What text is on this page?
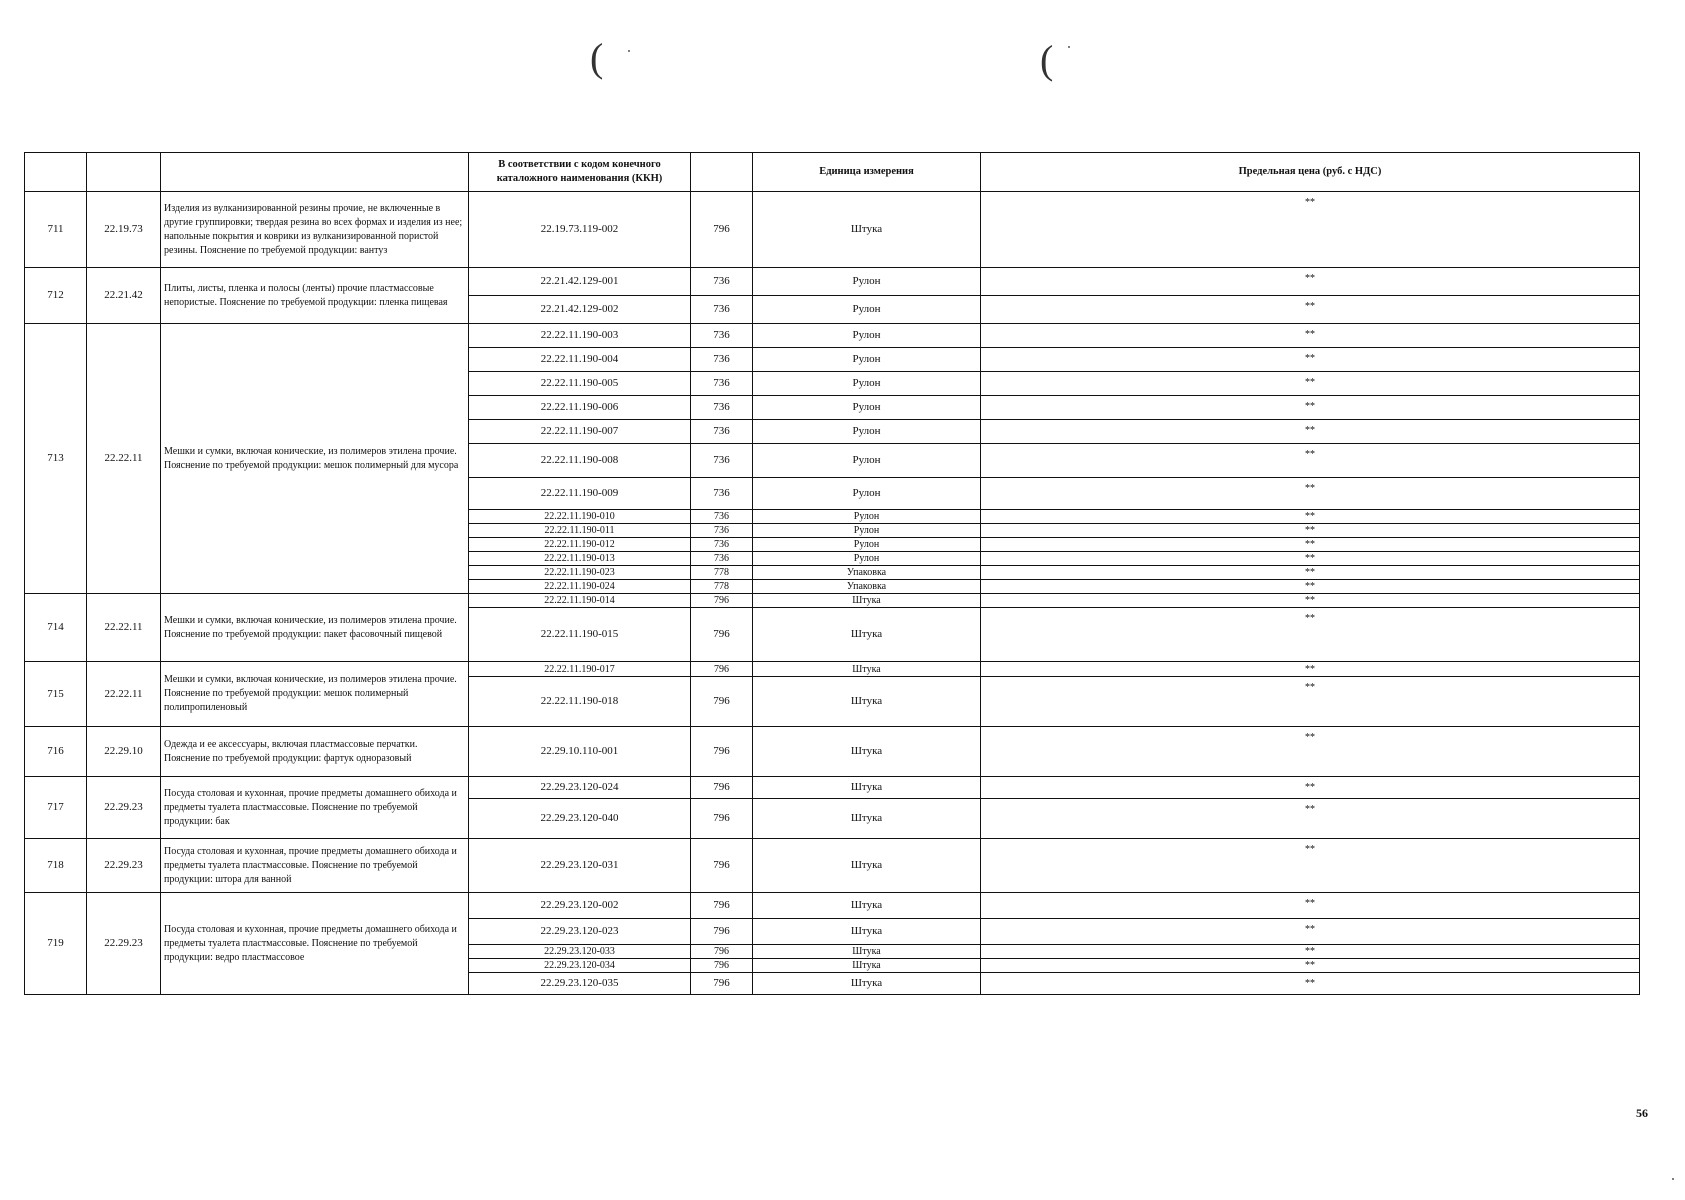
(	(
			В соответствии с кодом конечного каталожного наименования (ККН)		Единица измерения	Предельная цена (руб. с НДС)
711	22.19.73	Изделия из вулканизированной резины прочие, не включенные в другие группировки; твердая резина во всех формах и изделия из нее; напольные покрытия и коврики из вулканизированной пористой резины. Пояснение по требуемой продукции: вантуз	22.19.73.119-002	796	Штука	**
712	22.21.42	Плиты, листы, пленка и полосы (ленты) прочие пластмассовые непористые. Пояснение по требуемой продукции: пленка пищевая	22.21.42.129-001	736	Рулон	**
			22.21.42.129-002	736	Рулон	**
713	22.22.11	Мешки и сумки, включая конические, из полимеров этилена прочие. Пояснение по требуемой продукции: мешок полимерный для мусора	22.22.11.190-003	736	Рулон	**
			22.22.11.190-004	736	Рулон	**
			22.22.11.190-005	736	Рулон	**
			22.22.11.190-006	736	Рулон	**
			22.22.11.190-007	736	Рулон	**
			22.22.11.190-008	736	Рулон	**
			22.22.11.190-009	736	Рулон	**
			22.22.11.190-010	736	Рулон	**
			22.22.11.190-011	736	Рулон	**
			22.22.11.190-012	736	Рулон	**
			22.22.11.190-013	736	Рулон	**
			22.22.11.190-023	778	Упаковка	**
			22.22.11.190-024	778	Упаковка	**
714	22.22.11	Мешки и сумки, включая конические, из полимеров этилена прочие. Пояснение по требуемой продукции: пакет фасовочный пищевой	22.22.11.190-014	796	Штука	**
			22.22.11.190-015	796	Штука	**
715	22.22.11	Мешки и сумки, включая конические, из полимеров этилена прочие. Пояснение по требуемой продукции: мешок полимерный полипропиленовый	22.22.11.190-017	796	Штука	**
			22.22.11.190-018	796	Штука	**
716	22.29.10	Одежда и ее аксессуары, включая пластмассовые перчатки. Пояснение по требуемой продукции: фартук одноразовый	22.29.10.110-001	796	Штука	**
717	22.29.23	Посуда столовая и кухонная, прочие предметы домашнего обихода и предметы туалета пластмассовые. Пояснение по требуемой продукции: бак	22.29.23.120-024	796	Штука	**
			22.29.23.120-040	796	Штука	**
718	22.29.23	Посуда столовая и кухонная, прочие предметы домашнего обихода и предметы туалета пластмассовые. Пояснение по требуемой продукции: штора для ванной	22.29.23.120-031	796	Штука	**
719	22.29.23	Посуда столовая и кухонная, прочие предметы домашнего обихода и предметы туалета пластмассовые. Пояснение по требуемой продукции: ведро пластмассовое	22.29.23.120-002	796	Штука	**
			22.29.23.120-023	796	Штука	**
			22.29.23.120-033	796	Штука	**
			22.29.23.120-034	796	Штука	**
			22.29.23.120-035	796	Штука	**
56
